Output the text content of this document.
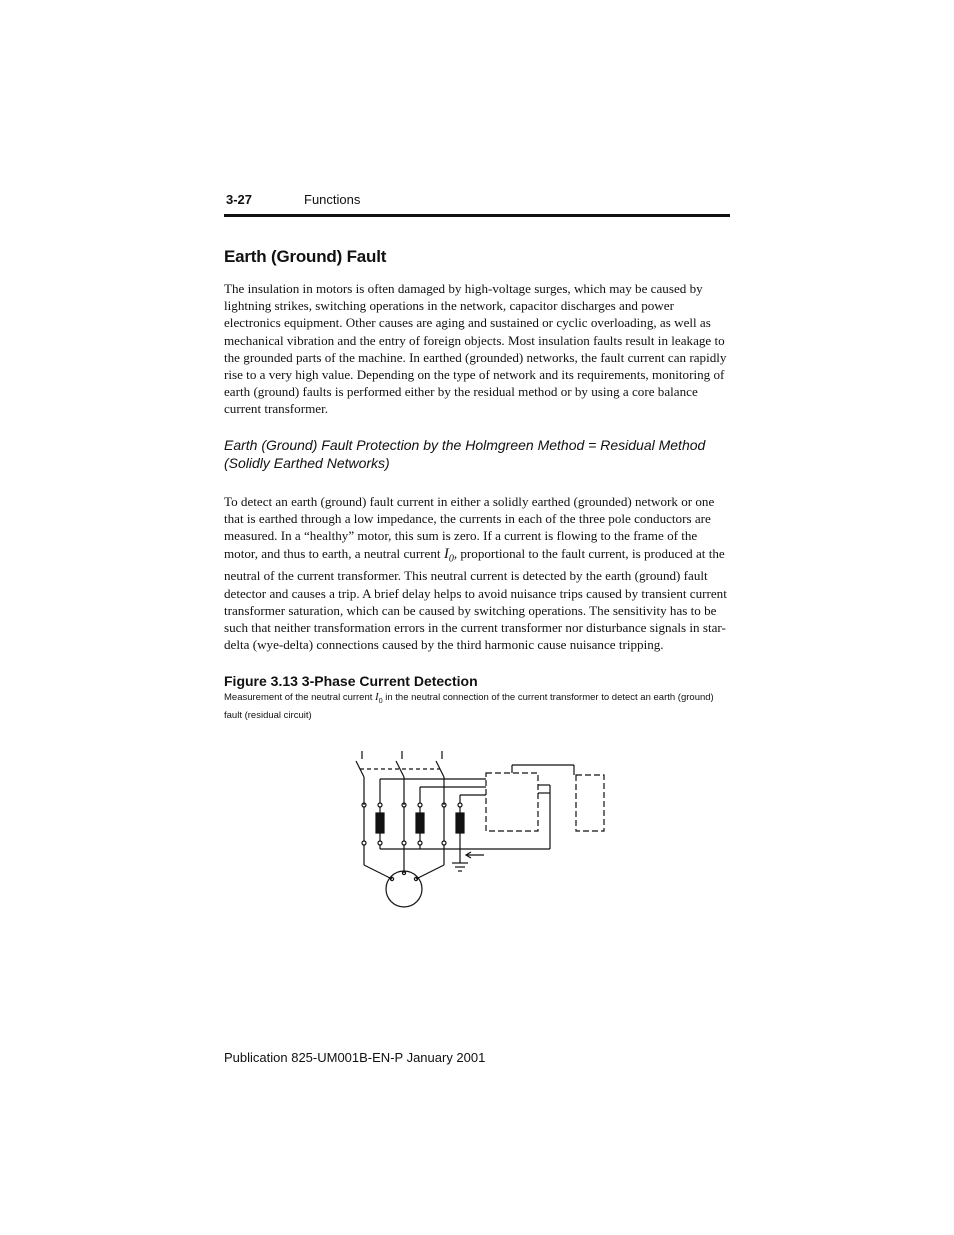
3-27	Functions
Earth (Ground) Fault
The insulation in motors is often damaged by high-voltage surges, which may be caused by lightning strikes, switching operations in the network, capacitor discharges and power electronics equipment. Other causes are aging and sustained or cyclic overloading, as well as mechanical vibration and the entry of foreign objects. Most insulation faults result in leakage to the grounded parts of the machine. In earthed (grounded) networks, the fault current can rapidly rise to a very high value. Depending on the type of network and its requirements, monitoring of earth (ground) faults is performed either by the residual method or by using a core balance current transformer.
Earth (Ground) Fault Protection by the Holmgreen Method = Residual Method (Solidly Earthed Networks)
To detect an earth (ground) fault current in either a solidly earthed (grounded) network or one that is earthed through a low impedance, the currents in each of the three pole conductors are measured. In a “healthy” motor, this sum is zero. If a current is flowing to the frame of the motor, and thus to earth, a neutral current $I_0$, proportional to the fault current, is produced at the neutral of the current transformer. This neutral current is detected by the earth (ground) fault detector and causes a trip. A brief delay helps to avoid nuisance trips caused by transient current transformer saturation, which can be caused by switching operations. The sensitivity has to be such that neither transformation errors in the current transformer nor disturbance signals in star-delta (wye-delta) connections caused by the third harmonic cause nuisance tripping.
Figure 3.13 3-Phase Current Detection
Measurement of the neutral current $I_0$ in the neutral connection of the current transformer to detect an earth (ground) fault (residual circuit)
Publication 825-UM001B-EN-P January 2001
